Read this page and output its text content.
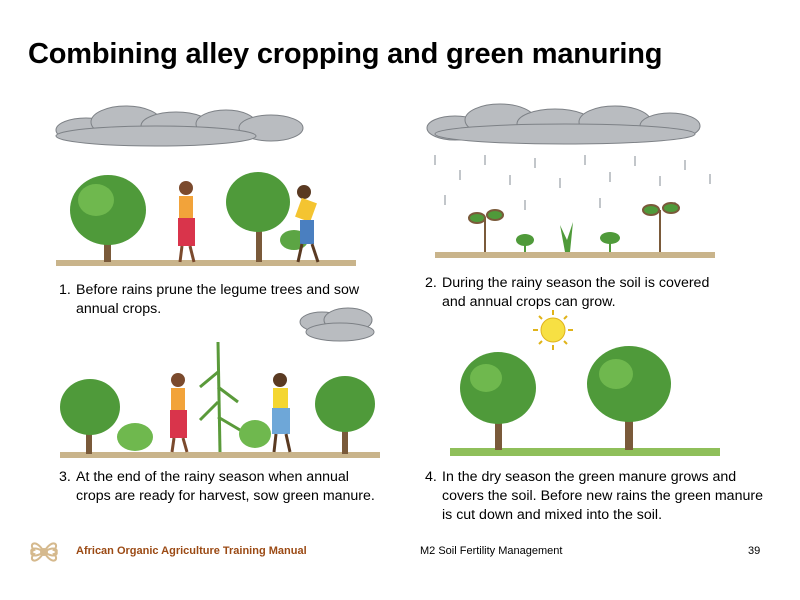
Combining alley cropping and green manuring
1. Before rains prune the legume trees and sow annual crops.
2. During the rainy season the soil is covered and annual crops can grow.
3. At the end of the rainy season when annual crops are ready for harvest, sow green manure.
4. In the dry season the green manure grows and covers the soil. Before new rains the green manure is cut down and mixed into the soil.
African Organic Agriculture Training Manual	M2 Soil Fertility Management	39
